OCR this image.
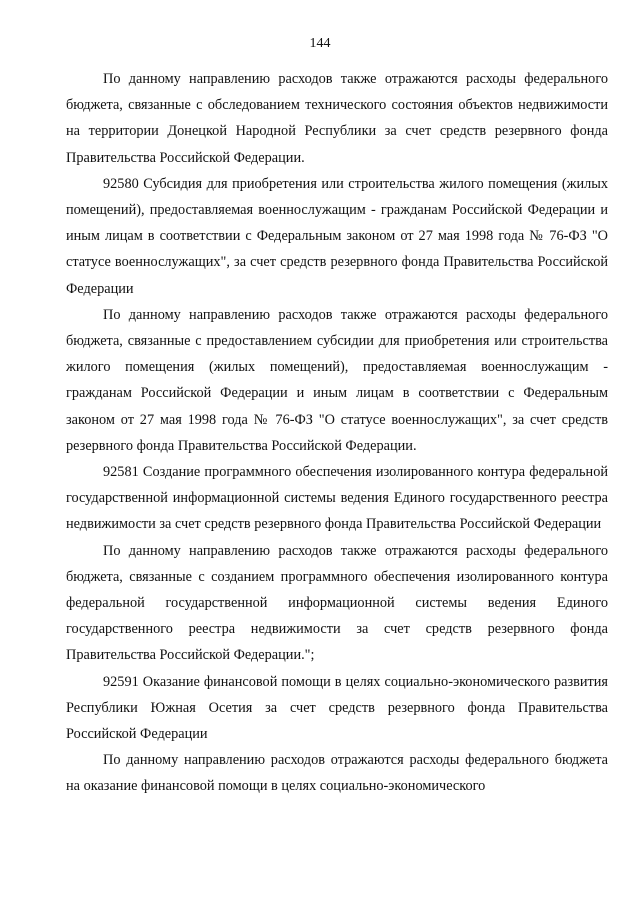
144

По данному направлению расходов также отражаются расходы федерального бюджета, связанные с обследованием технического состояния объектов недвижимости на территории Донецкой Народной Республики за счет средств резервного фонда Правительства Российской Федерации.

92580 Субсидия для приобретения или строительства жилого помещения (жилых помещений), предоставляемая военнослужащим - гражданам Российской Федерации и иным лицам в соответствии с Федеральным законом от 27 мая 1998 года № 76-ФЗ "О статусе военнослужащих", за счет средств резервного фонда Правительства Российской Федерации

По данному направлению расходов также отражаются расходы федерального бюджета, связанные с предоставлением субсидии для приобретения или строительства жилого помещения (жилых помещений), предоставляемая военнослужащим - гражданам Российской Федерации и иным лицам в соответствии с Федеральным законом от 27 мая 1998 года № 76-ФЗ "О статусе военнослужащих", за счет средств резервного фонда Правительства Российской Федерации.

92581 Создание программного обеспечения изолированного контура федеральной государственной информационной системы ведения Единого государственного реестра недвижимости за счет средств резервного фонда Правительства Российской Федерации

По данному направлению расходов также отражаются расходы федерального бюджета, связанные с созданием программного обеспечения изолированного контура федеральной государственной информационной системы ведения Единого государственного реестра недвижимости за счет средств резервного фонда Правительства Российской Федерации.";

92591 Оказание финансовой помощи в целях социально-экономического развития Республики Южная Осетия за счет средств резервного фонда Правительства Российской Федерации

По данному направлению расходов отражаются расходы федерального бюджета на оказание финансовой помощи в целях социально-экономического
